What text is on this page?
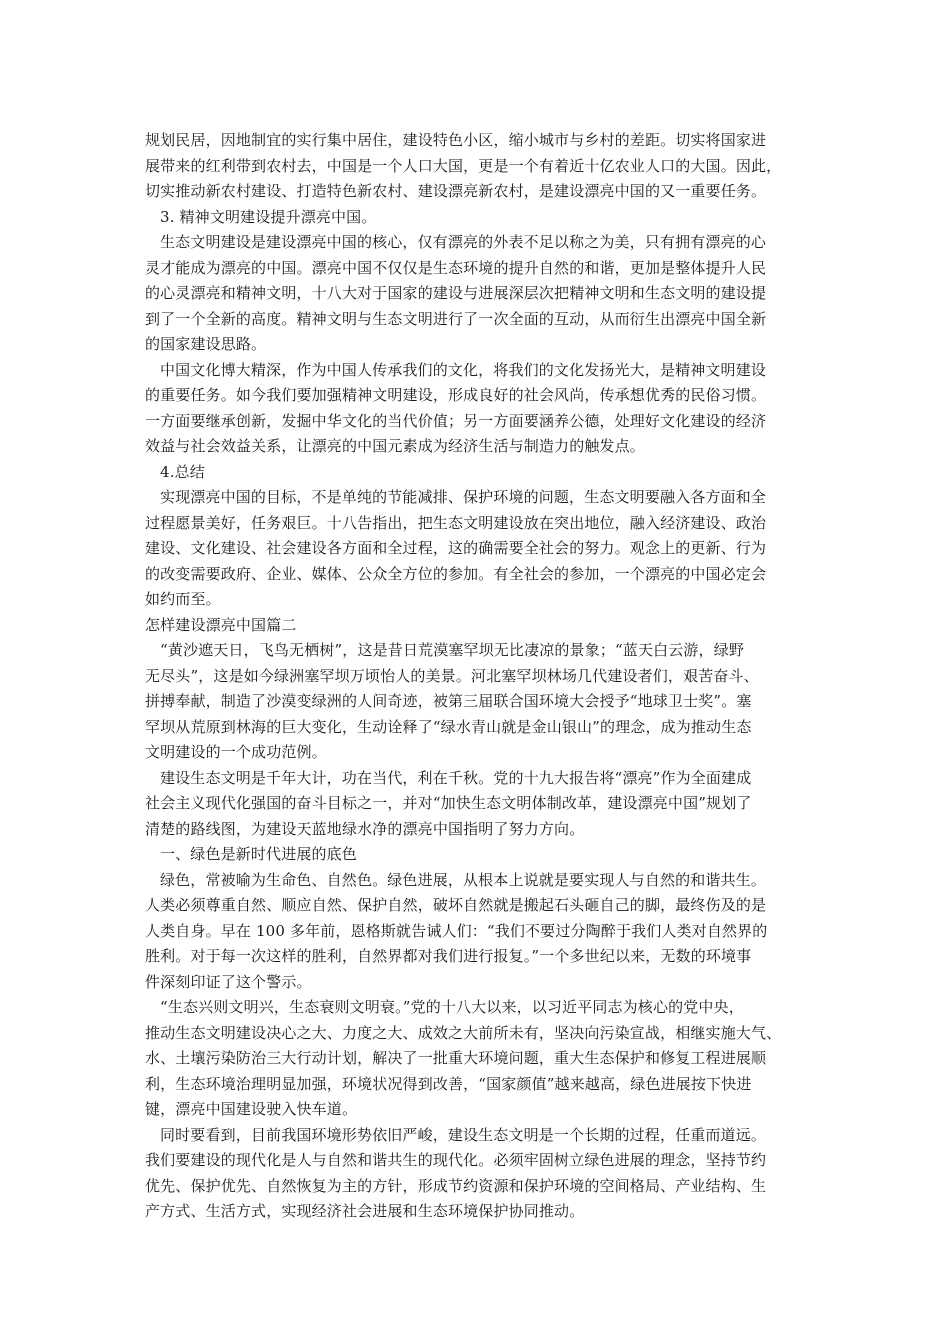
规划民居，因地制宜的实行集中居住，建设特色小区，缩小城市与乡村的差距。切实将国家进
展带来的红利带到农村去，中国是一个人口大国，更是一个有着近十亿农业人口的大国。因此，
切实推动新农村建设、打造特色新农村、建设漂亮新农村，是建设漂亮中国的又一重要任务。
3. 精神文明建设提升漂亮中国。
生态文明建设是建设漂亮中国的核心，仅有漂亮的外表不足以称之为美，只有拥有漂亮的心
灵才能成为漂亮的中国。漂亮中国不仅仅是生态环境的提升自然的和谐，更加是整体提升人民
的心灵漂亮和精神文明，十八大对于国家的建设与进展深层次把精神文明和生态文明的建设提
到了一个全新的高度。精神文明与生态文明进行了一次全面的互动，从而衍生出漂亮中国全新
的国家建设思路。
中国文化博大精深，作为中国人传承我们的文化，将我们的文化发扬光大，是精神文明建设
的重要任务。如今我们要加强精神文明建设，形成良好的社会风尚，传承想优秀的民俗习惯。
一方面要继承创新，发掘中华文化的当代价值；另一方面要涵养公德，处理好文化建设的经济
效益与社会效益关系，让漂亮的中国元素成为经济生活与制造力的触发点。
4.总结
实现漂亮中国的目标，不是单纯的节能减排、保护环境的问题，生态文明要融入各方面和全
过程愿景美好，任务艰巨。十八告指出，把生态文明建设放在突出地位，融入经济建设、政治
建设、文化建设、社会建设各方面和全过程，这的确需要全社会的努力。观念上的更新、行为
的改变需要政府、企业、媒体、公众全方位的参加。有全社会的参加，一个漂亮的中国必定会
如约而至。
怎样建设漂亮中国篇二
“黄沙遮天日，飞鸟无栖树”，这是昔日荒漠塞罕坝无比凄凉的景象；“蓝天白云游，绿野
无尽头”，这是如今绿洲塞罕坝万顷怡人的美景。河北塞罕坝林场几代建设者们，艰苦奋斗、
拼搏奉献，制造了沙漠变绿洲的人间奇迹，被第三届联合国环境大会授予“地球卫士奖”。塞
罕坝从荒原到林海的巨大变化，生动诠释了“绿水青山就是金山银山”的理念，成为推动生态
文明建设的一个成功范例。
建设生态文明是千年大计，功在当代，利在千秋。党的十九大报告将“漂亮”作为全面建成
社会主义现代化强国的奋斗目标之一，并对“加快生态文明体制改革，建设漂亮中国”规划了
清楚的路线图，为建设天蓝地绿水净的漂亮中国指明了努力方向。
一、绿色是新时代进展的底色
绿色，常被喻为生命色、自然色。绿色进展，从根本上说就是要实现人与自然的和谐共生。
人类必须尊重自然、顺应自然、保护自然，破坏自然就是搬起石头砸自己的脚，最终伤及的是
人类自身。早在 100 多年前，恩格斯就告诫人们：“我们不要过分陶醉于我们人类对自然界的
胜利。对于每一次这样的胜利，自然界都对我们进行报复。”一个多世纪以来，无数的环境事
件深刻印证了这个警示。
“生态兴则文明兴，生态衰则文明衰。”党的十八大以来，以习近平同志为核心的党中央，
推动生态文明建设决心之大、力度之大、成效之大前所未有，坚决向污染宣战，相继实施大气、
水、土壤污染防治三大行动计划，解决了一批重大环境问题，重大生态保护和修复工程进展顺
利，生态环境治理明显加强，环境状况得到改善，“国家颜值”越来越高，绿色进展按下快进
键，漂亮中国建设驶入快车道。
同时要看到，目前我国环境形势依旧严峻，建设生态文明是一个长期的过程，任重而道远。
我们要建设的现代化是人与自然和谐共生的现代化。必须牢固树立绿色进展的理念，坚持节约
优先、保护优先、自然恢复为主的方针，形成节约资源和保护环境的空间格局、产业结构、生
产方式、生活方式，实现经济社会进展和生态环境保护协同推动。
